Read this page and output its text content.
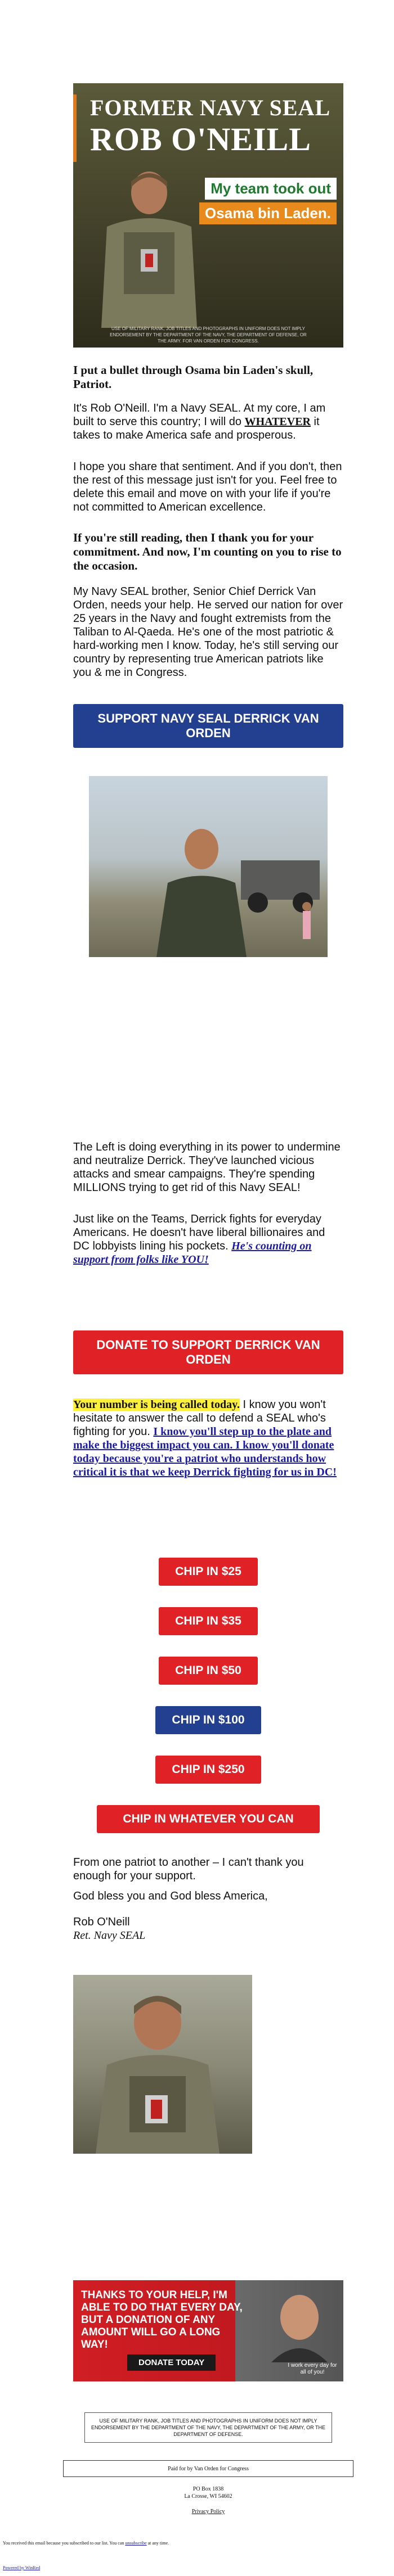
FORMER NAVY SEAL
ROB O'NEILL
My team took out
Osama bin Laden.
USE OF MILITARY RANK, JOB TITLES AND PHOTOGRAPHS IN UNIFORM DOES NOT IMPLY ENDORSEMENT BY THE DEPARTMENT OF THE NAVY, THE DEPARTMENT OF DEFENSE, OR THE ARMY. FOR VAN ORDEN FOR CONGRESS.
I put a bullet through Osama bin Laden's skull, Patriot.
It's Rob O'Neill. I'm a Navy SEAL. At my core, I am built to serve this country; I will do WHATEVER it takes to make America safe and prosperous.
I hope you share that sentiment. And if you don't, then the rest of this message just isn't for you. Feel free to delete this email and move on with your life if you're not committed to American excellence.
If you're still reading, then I thank you for your commitment. And now, I'm counting on you to rise to the occasion.
My Navy SEAL brother, Senior Chief Derrick Van Orden, needs your help. He served our nation for over 25 years in the Navy and fought extremists from the Taliban to Al-Qaeda. He's one of the most patriotic & hard-working men I know. Today, he's still serving our country by representing true American patriots like you & me in Congress.
SUPPORT NAVY SEAL DERRICK VAN ORDEN
The Left is doing everything in its power to undermine and neutralize Derrick. They've launched vicious attacks and smear campaigns. They're spending MILLIONS trying to get rid of this Navy SEAL!
Just like on the Teams, Derrick fights for everyday Americans. He doesn't have liberal billionaires and DC lobbyists lining his pockets. He's counting on support from folks like YOU!
DONATE TO SUPPORT DERRICK VAN ORDEN
Your number is being called today. I know you won't hesitate to answer the call to defend a SEAL who's fighting for you. I know you'll step up to the plate and make the biggest impact you can. I know you'll donate today because you're a patriot who understands how critical it is that we keep Derrick fighting for us in DC!
CHIP IN $25
CHIP IN $35
CHIP IN $50
CHIP IN $100
CHIP IN $250
CHIP IN WHATEVER YOU CAN
From one patriot to another – I can't thank you enough for your support.
God bless you and God bless America,
Rob O'Neill
Ret. Navy SEAL
THANKS TO YOUR HELP, I'M ABLE TO DO THAT EVERY DAY, BUT A DONATION OF ANY AMOUNT WILL GO A LONG WAY!
DONATE TODAY	I work every day for all of you!
USE OF MILITARY RANK, JOB TITLES AND PHOTOGRAPHS IN UNIFORM DOES NOT IMPLY ENDORSEMENT BY THE DEPARTMENT OF THE NAVY, THE DEPARTMENT OF THE ARMY, OR THE DEPARTMENT OF DEFENSE.
Paid for by Van Orden for Congress
PO Box 1838
La Crosse, WI 54602
Privacy Policy
You received this email because you subscribed to our list. You can unsubscribe at any time.
Powered by WinRed
